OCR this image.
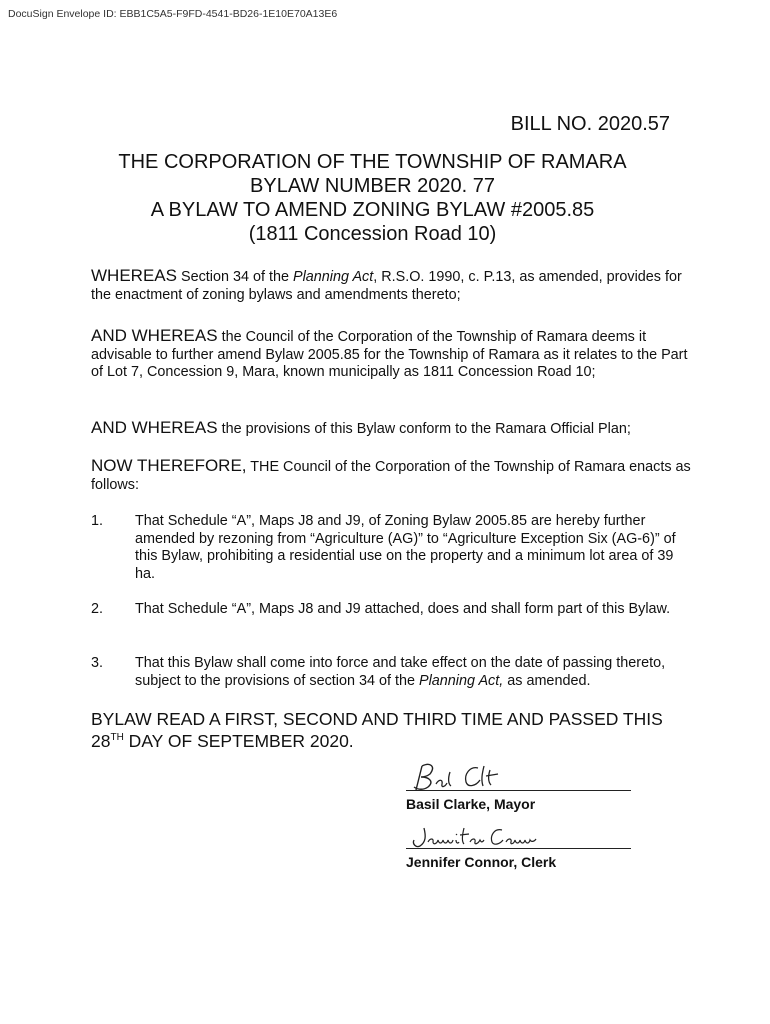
DocuSign Envelope ID: EBB1C5A5-F9FD-4541-BD26-1E10E70A13E6
BILL NO. 2020.57
THE CORPORATION OF THE TOWNSHIP OF RAMARA
BYLAW NUMBER 2020. 77
A BYLAW TO AMEND ZONING BYLAW #2005.85
(1811 Concession Road 10)
WHEREAS Section 34 of the Planning Act, R.S.O. 1990, c. P.13, as amended, provides for the enactment of zoning bylaws and amendments thereto;
AND WHEREAS the Council of the Corporation of the Township of Ramara deems it advisable to further amend Bylaw 2005.85 for the Township of Ramara as it relates to the Part of Lot 7, Concession 9, Mara, known municipally as 1811 Concession Road 10;
AND WHEREAS the provisions of this Bylaw conform to the Ramara Official Plan;
NOW THEREFORE, THE Council of the Corporation of the Township of Ramara enacts as follows:
1. That Schedule “A”, Maps J8 and J9, of Zoning Bylaw 2005.85 are hereby further amended by rezoning from “Agriculture (AG)” to “Agriculture Exception Six (AG-6)” of this Bylaw, prohibiting a residential use on the property and a minimum lot area of 39 ha.
2. That Schedule “A”, Maps J8 and J9 attached, does and shall form part of this Bylaw.
3. That this Bylaw shall come into force and take effect on the date of passing thereto, subject to the provisions of section 34 of the Planning Act, as amended.
BYLAW READ A FIRST, SECOND AND THIRD TIME AND PASSED THIS
28TH DAY OF SEPTEMBER 2020.
Basil Clarke, Mayor
Jennifer Connor, Clerk
